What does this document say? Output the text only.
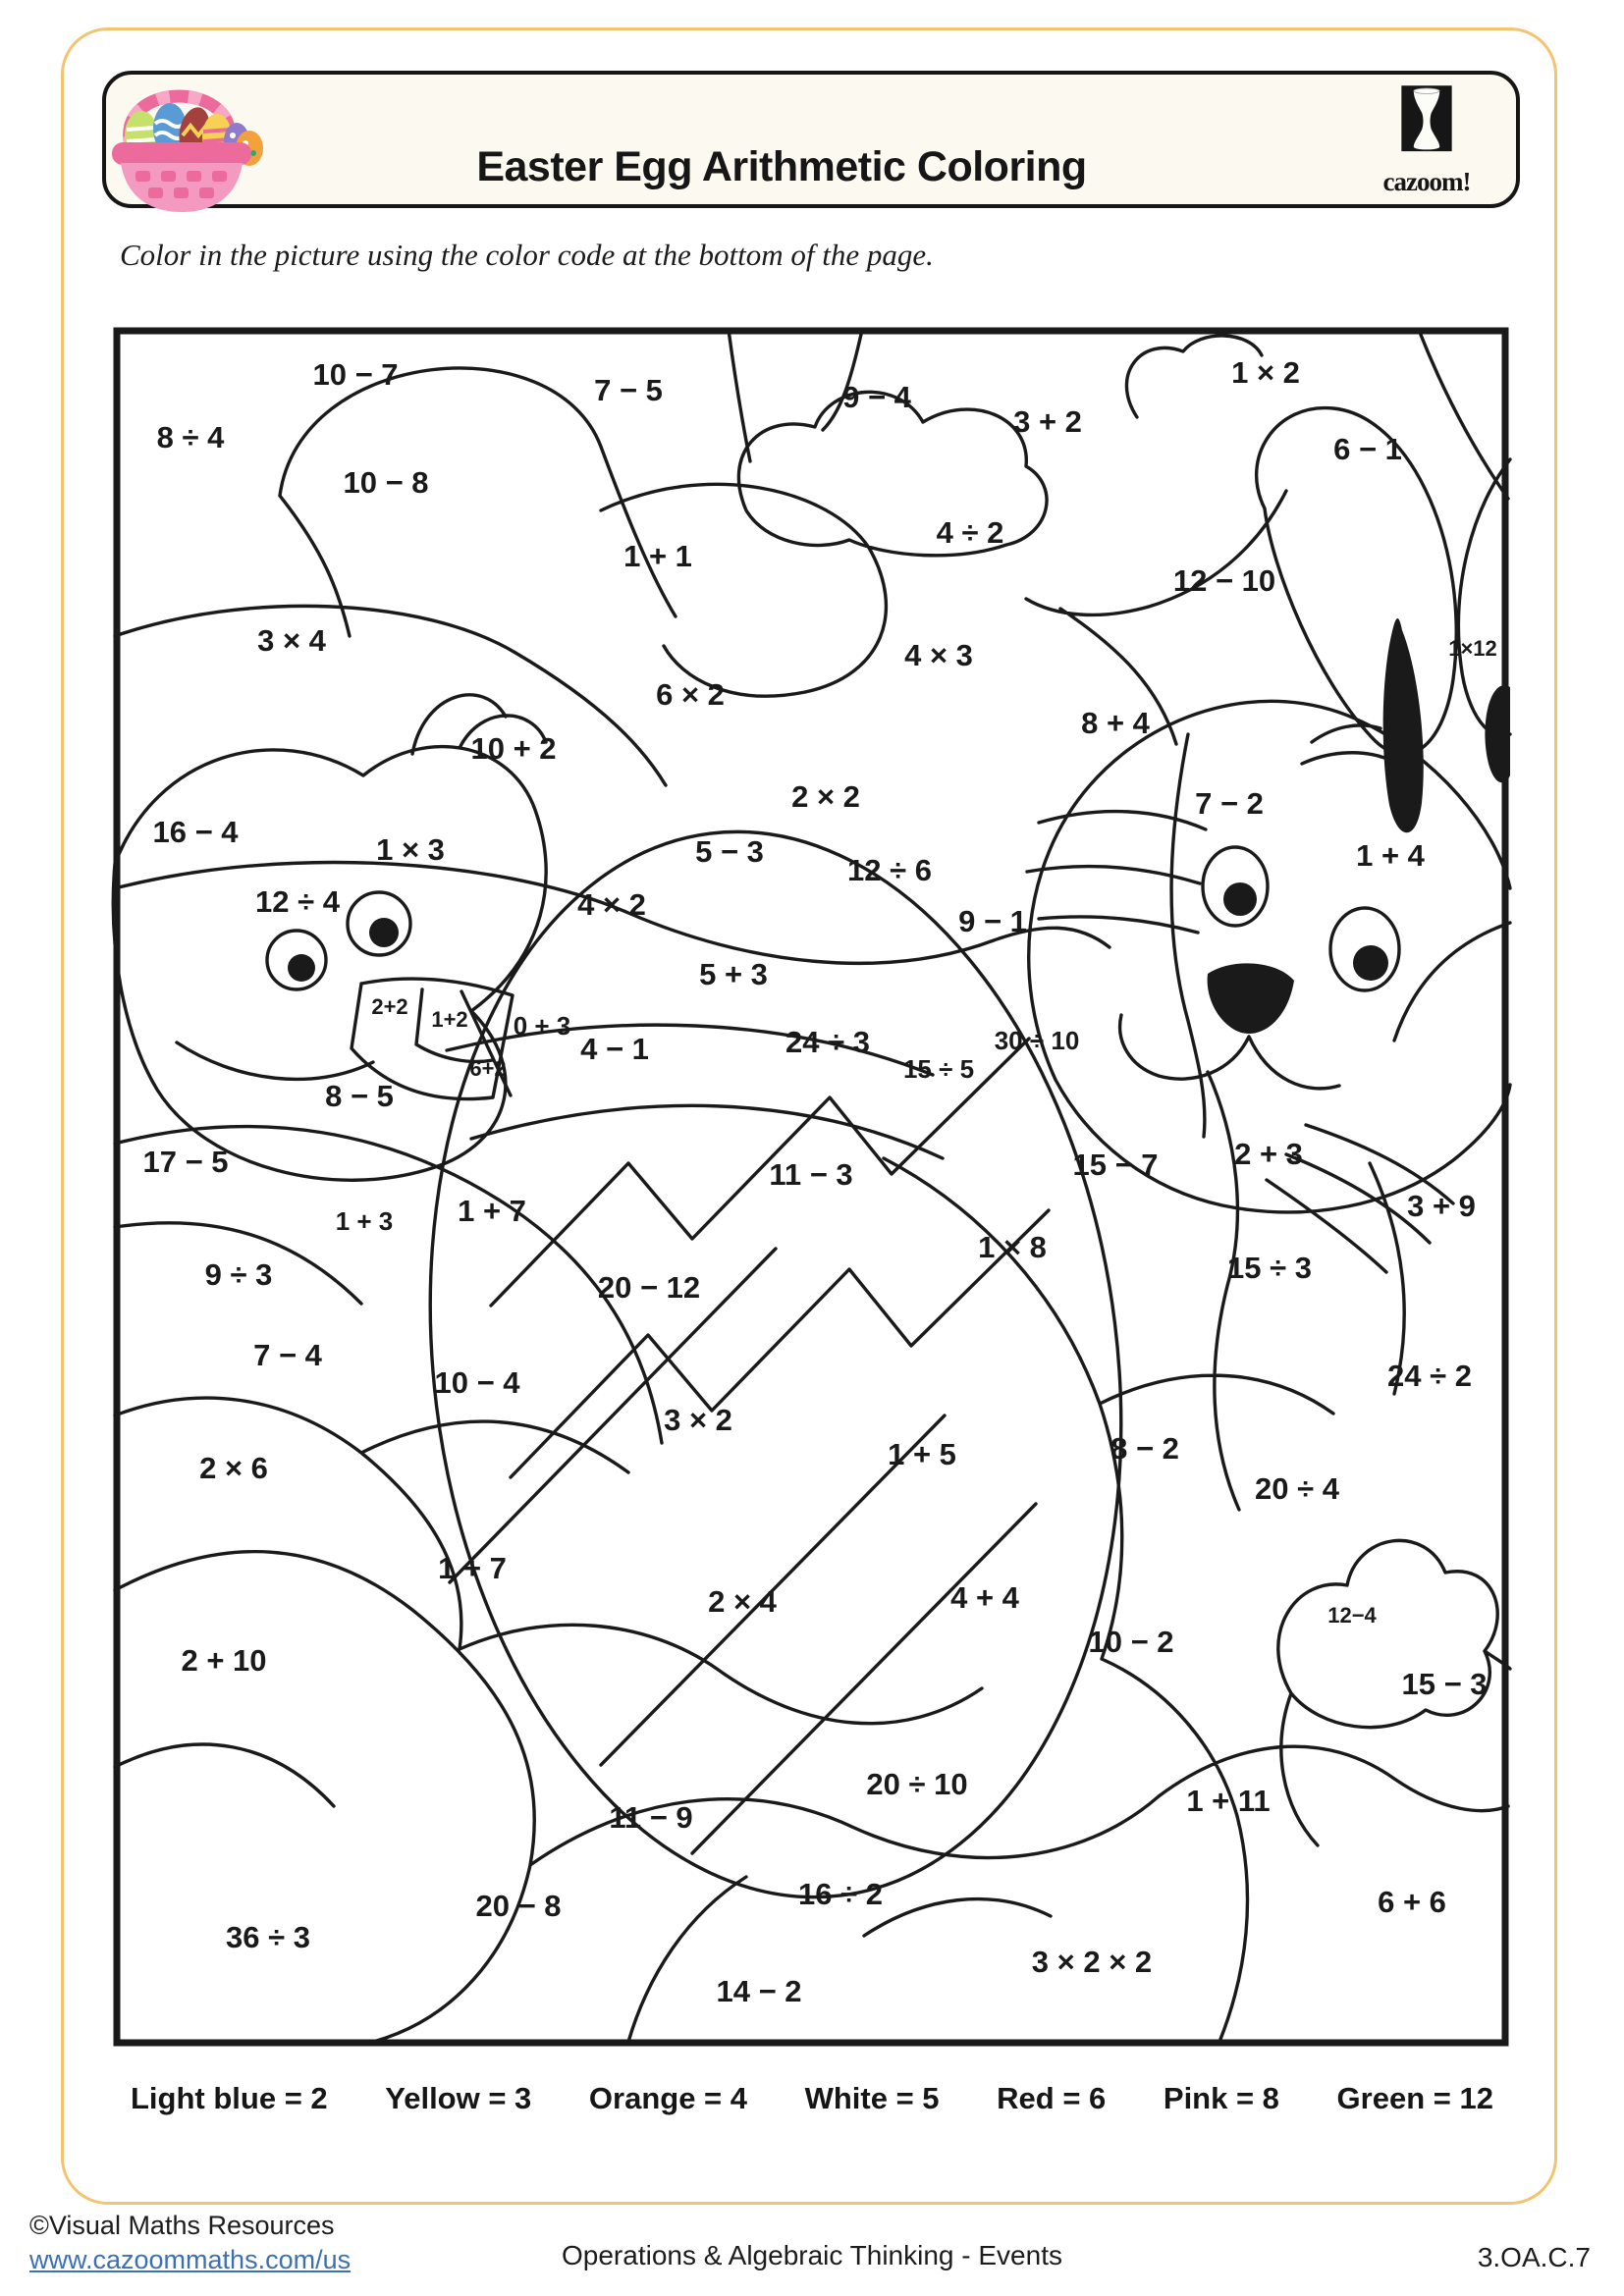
Easter Egg Arithmetic Coloring	cazoom!

Color in the picture using the color code at the bottom of the page.

10 − 7	7 − 5	9 − 4
3 + 2
1 × 2
6 − 1
8 ÷ 4
10 − 8
1 + 1
4 ÷ 2
12 − 10
3 × 4	4 × 3
6 × 2
1×12
8 + 4
10 + 2
2 × 2	7 − 2
16 − 4
1 × 3	5 − 3
12 ÷ 6	1 + 4
12 ÷ 4	4 × 2	9 − 1
5 + 3
2+2
1+2 0 + 3	24 ÷ 3	30 ÷ 10
6+2
4 − 1
15 ÷ 5
8 − 5
17 − 5	15 − 7	2 + 3
11 − 3
3 + 9
1 + 3 1 + 7
9 ÷ 3
1 × 8
15 ÷ 3
20 − 12
7 − 4
10 − 4	24 ÷ 2
3 × 2
1 + 5	8 − 2
2 × 6
20 ÷ 4
1 + 7
2 × 4	4 + 4
12−4
10 − 2
2 + 10
15 − 3
20 ÷ 10	1 + 11
11 − 9
16 ÷ 2	6 + 6
20 − 8
36 ÷ 3
3 × 2 × 2
14 − 2
Light blue = 2 Yellow = 3 Orange = 4 White = 5 Red = 6 Pink = 8 Green = 12
©Visual Maths Resources
www.cazoommaths.com/us	Operations & Algebraic Thinking - Events	3.OA.C.7
